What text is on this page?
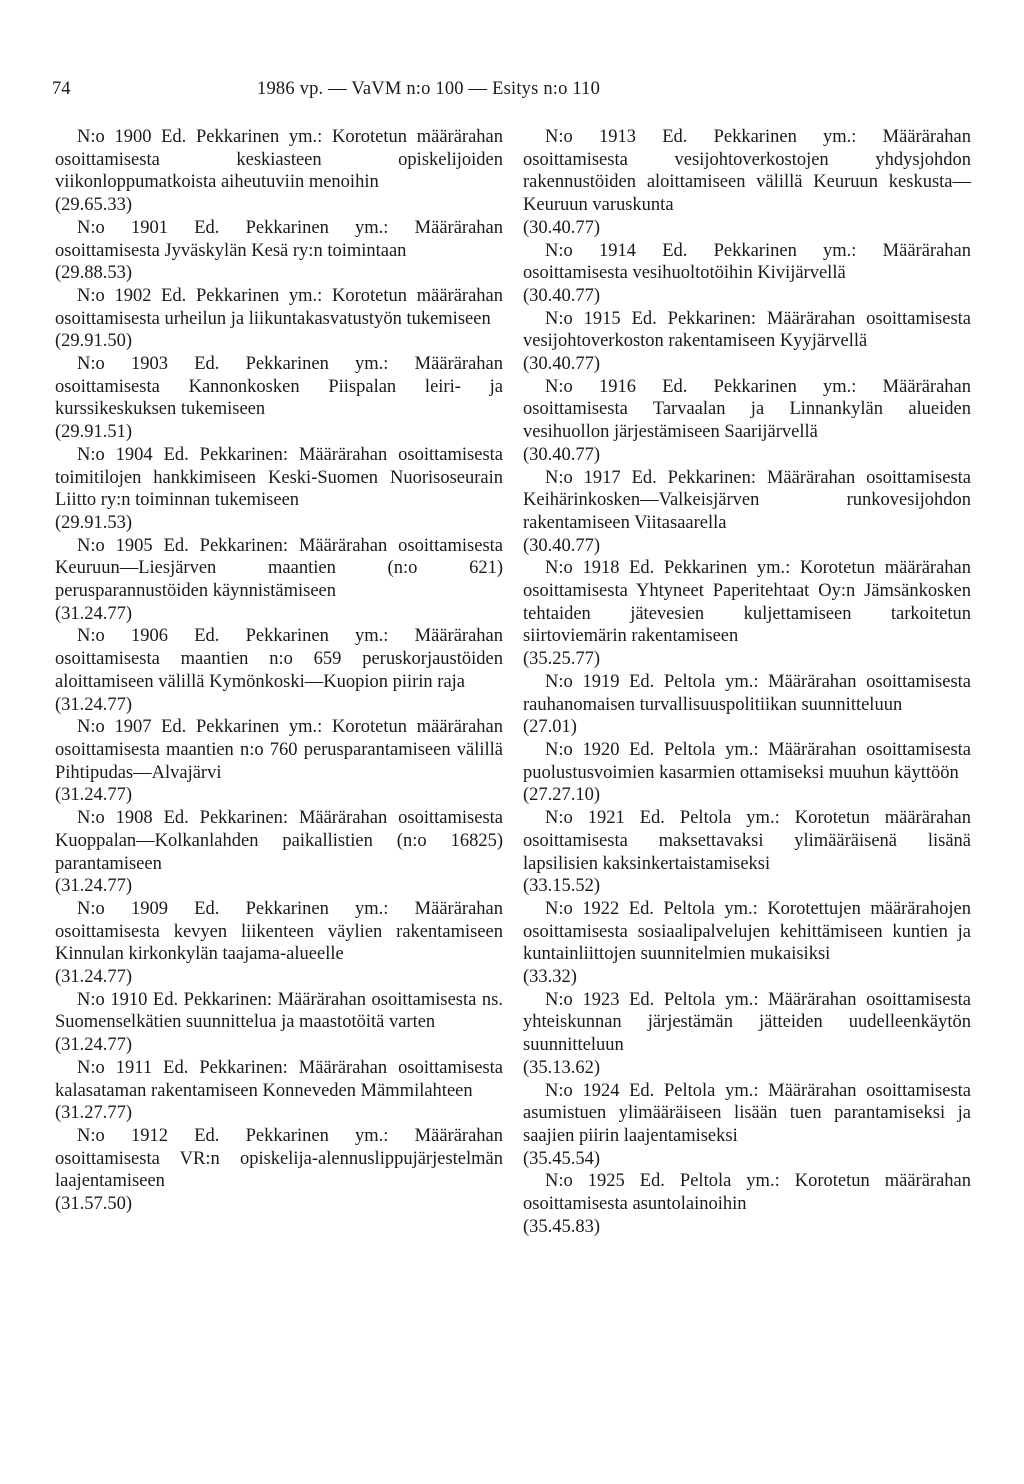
74	1986 vp. — VaVM n:o 100 — Esitys n:o 110
N:o 1900 Ed. Pekkarinen ym.: Korotetun määrärahan osoittamisesta keskiasteen opiskelijoiden viikonloppumatkoista aiheutuviin menoihin
(29.65.33)
N:o 1901 Ed. Pekkarinen ym.: Määrärahan osoittamisesta Jyväskylän Kesä ry:n toimintaan
(29.88.53)
N:o 1902 Ed. Pekkarinen ym.: Korotetun määrärahan osoittamisesta urheilun ja liikuntakasvatustyön tukemiseen
(29.91.50)
N:o 1903 Ed. Pekkarinen ym.: Määrärahan osoittamisesta Kannonkosken Piispalan leiri- ja kurssikeskuksen tukemiseen
(29.91.51)
N:o 1904 Ed. Pekkarinen: Määrärahan osoittamisesta toimitilojen hankkimiseen Keski-Suomen Nuorisoseurain Liitto ry:n toiminnan tukemiseen
(29.91.53)
N:o 1905 Ed. Pekkarinen: Määrärahan osoittamisesta Keuruun—Liesjärven maantien (n:o 621) perusparannustöiden käynnistämiseen
(31.24.77)
N:o 1906 Ed. Pekkarinen ym.: Määrärahan osoittamisesta maantien n:o 659 peruskorjaustöiden aloittamiseen välillä Kymönkoski—Kuopion piirin raja
(31.24.77)
N:o 1907 Ed. Pekkarinen ym.: Korotetun määrärahan osoittamisesta maantien n:o 760 perusparantamiseen välillä Pihtipudas—Alvajärvi
(31.24.77)
N:o 1908 Ed. Pekkarinen: Määrärahan osoittamisesta Kuoppalan—Kolkanlahden paikallistien (n:o 16825) parantamiseen
(31.24.77)
N:o 1909 Ed. Pekkarinen ym.: Määrärahan osoittamisesta kevyen liikenteen väylien rakentamiseen Kinnulan kirkonkylän taajama-alueelle
(31.24.77)
N:o 1910 Ed. Pekkarinen: Määrärahan osoittamisesta ns. Suomenselkätien suunnittelua ja maastotöitä varten
(31.24.77)
N:o 1911 Ed. Pekkarinen: Määrärahan osoittamisesta kalasataman rakentamiseen Konneveden Mämmilahteen
(31.27.77)
N:o 1912 Ed. Pekkarinen ym.: Määrärahan osoittamisesta VR:n opiskelija-alennuslippujärjestelmän laajentamiseen
(31.57.50)
N:o 1913 Ed. Pekkarinen ym.: Määrärahan osoittamisesta vesijohtoverkostojen yhdysjohdon rakennustöiden aloittamiseen välillä Keuruun keskusta—Keuruun varuskunta
(30.40.77)
N:o 1914 Ed. Pekkarinen ym.: Määrärahan osoittamisesta vesihuoltotöihin Kivijärvellä
(30.40.77)
N:o 1915 Ed. Pekkarinen: Määrärahan osoittamisesta vesijohtoverkoston rakentamiseen Kyyjärvellä
(30.40.77)
N:o 1916 Ed. Pekkarinen ym.: Määrärahan osoittamisesta Tarvaalan ja Linnankylän alueiden vesihuollon järjestämiseen Saarijärvellä
(30.40.77)
N:o 1917 Ed. Pekkarinen: Määrärahan osoittamisesta Keihärinkosken—Valkeisjärven runkovesijohdon rakentamiseen Viitasaarella
(30.40.77)
N:o 1918 Ed. Pekkarinen ym.: Korotetun määrärahan osoittamisesta Yhtyneet Paperitehtaat Oy:n Jämsänkosken tehtaiden jätevesien kuljettamiseen tarkoitetun siirtoviemärin rakentamiseen
(35.25.77)
N:o 1919 Ed. Peltola ym.: Määrärahan osoittamisesta rauhanomaisen turvallisuuspolitiikan suunnitteluun
(27.01)
N:o 1920 Ed. Peltola ym.: Määrärahan osoittamisesta puolustusvoimien kasarmien ottamiseksi muuhun käyttöön
(27.27.10)
N:o 1921 Ed. Peltola ym.: Korotetun määrärahan osoittamisesta maksettavaksi ylimääräisenä lisänä lapsilisien kaksinkertaistamiseksi
(33.15.52)
N:o 1922 Ed. Peltola ym.: Korotettujen määrärahojen osoittamisesta sosiaalipalvelujen kehittämiseen kuntien ja kuntainliittojen suunnitelmien mukaisiksi
(33.32)
N:o 1923 Ed. Peltola ym.: Määrärahan osoittamisesta yhteiskunnan järjestämän jätteiden uudelleenkäytön suunnitteluun
(35.13.62)
N:o 1924 Ed. Peltola ym.: Määrärahan osoittamisesta asumistuen ylimääräiseen lisään tuen parantamiseksi ja saajien piirin laajentamiseksi
(35.45.54)
N:o 1925 Ed. Peltola ym.: Korotetun määrärahan osoittamisesta asuntolainoihin
(35.45.83)
